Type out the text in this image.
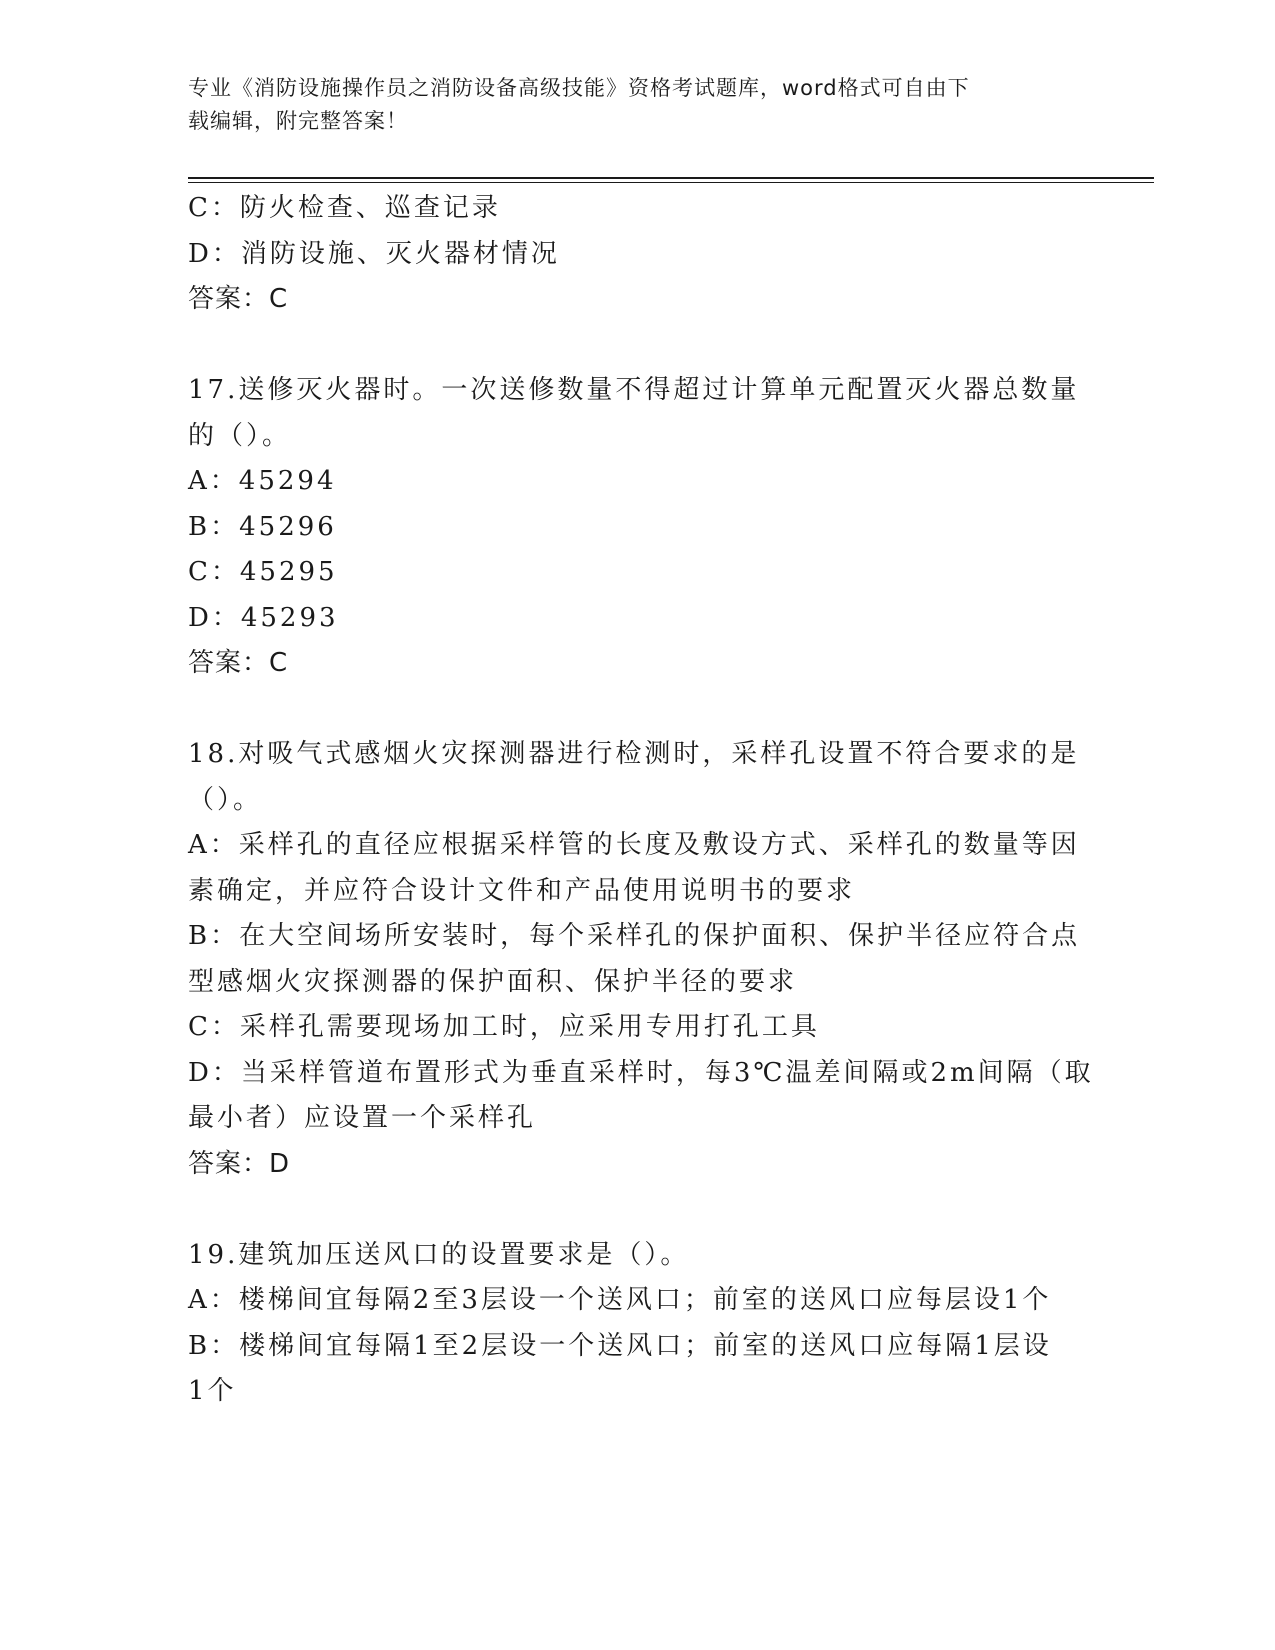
专业《消防设施操作员之消防设备高级技能》资格考试题库，word格式可自由下
载编辑，附完整答案！
C：防火检查、巡查记录
D：消防设施、灭火器材情况
答案：C
17.送修灭火器时。一次送修数量不得超过计算单元配置灭火器总数量
的（）。
A：45294
B：45296
C：45295
D：45293
答案：C
18.对吸气式感烟火灾探测器进行检测时，采样孔设置不符合要求的是
（）。
A：采样孔的直径应根据采样管的长度及敷设方式、采样孔的数量等因
素确定，并应符合设计文件和产品使用说明书的要求
B：在大空间场所安装时，每个采样孔的保护面积、保护半径应符合点
型感烟火灾探测器的保护面积、保护半径的要求
C：采样孔需要现场加工时，应采用专用打孔工具
D：当采样管道布置形式为垂直采样时，每3℃温差间隔或2m间隔（取
最小者）应设置一个采样孔
答案：D
19.建筑加压送风口的设置要求是（）。
A：楼梯间宜每隔2至3层设一个送风口；前室的送风口应每层设1个
B：楼梯间宜每隔1至2层设一个送风口；前室的送风口应每隔1层设
1个
